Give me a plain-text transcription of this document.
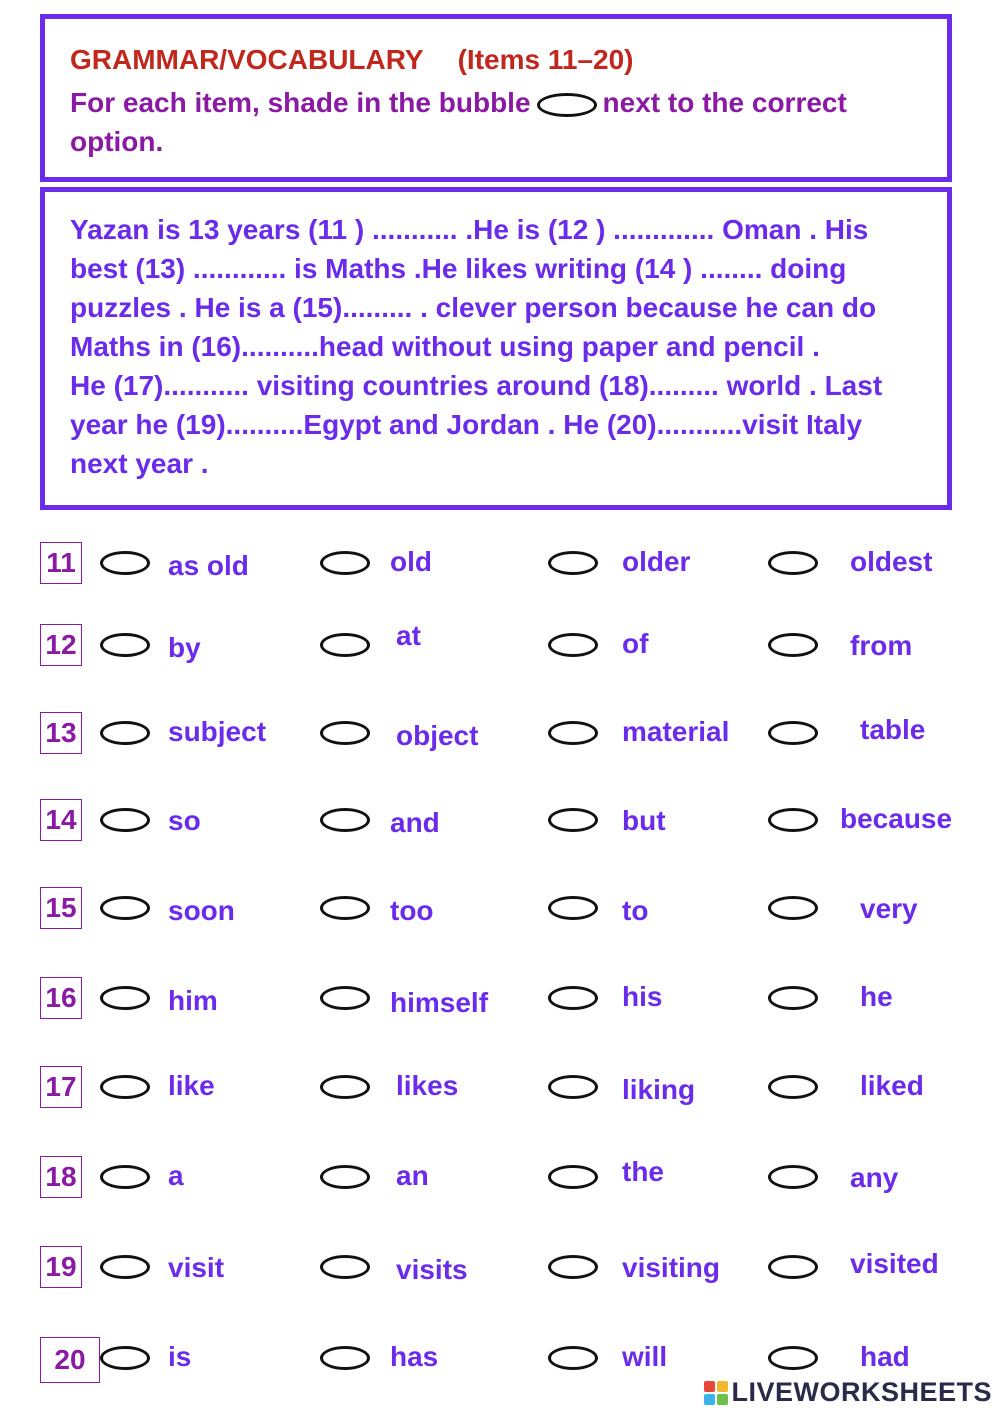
GRAMMAR/VOCABULARY (Items 11–20)
For each item, shade in the bubble	next to the correct option.
Yazan is 13 years (11 ) ........... .He is (12 ) ............. Oman . His
best (13) ............ is Maths .He likes writing (14 ) ........ doing
puzzles . He is a (15)......... . clever person because he can do
Maths in (16)..........head without using paper and pencil .
He (17)........... visiting countries around (18)......... world . Last
year he (19)..........Egypt and Jordan . He (20)...........visit Italy
next year .
11	as old	old	older	oldest
12	by	at	of	from
13	subject	object	material	table
14	so	and	but	because
15	soon	too	to	very
16	him	himself	his	he
17	like	likes	liking	liked
18	a	an	the	any
19	visit	visits	visiting	visited
20	is	has	will	had
LIVEWORKSHEETS
